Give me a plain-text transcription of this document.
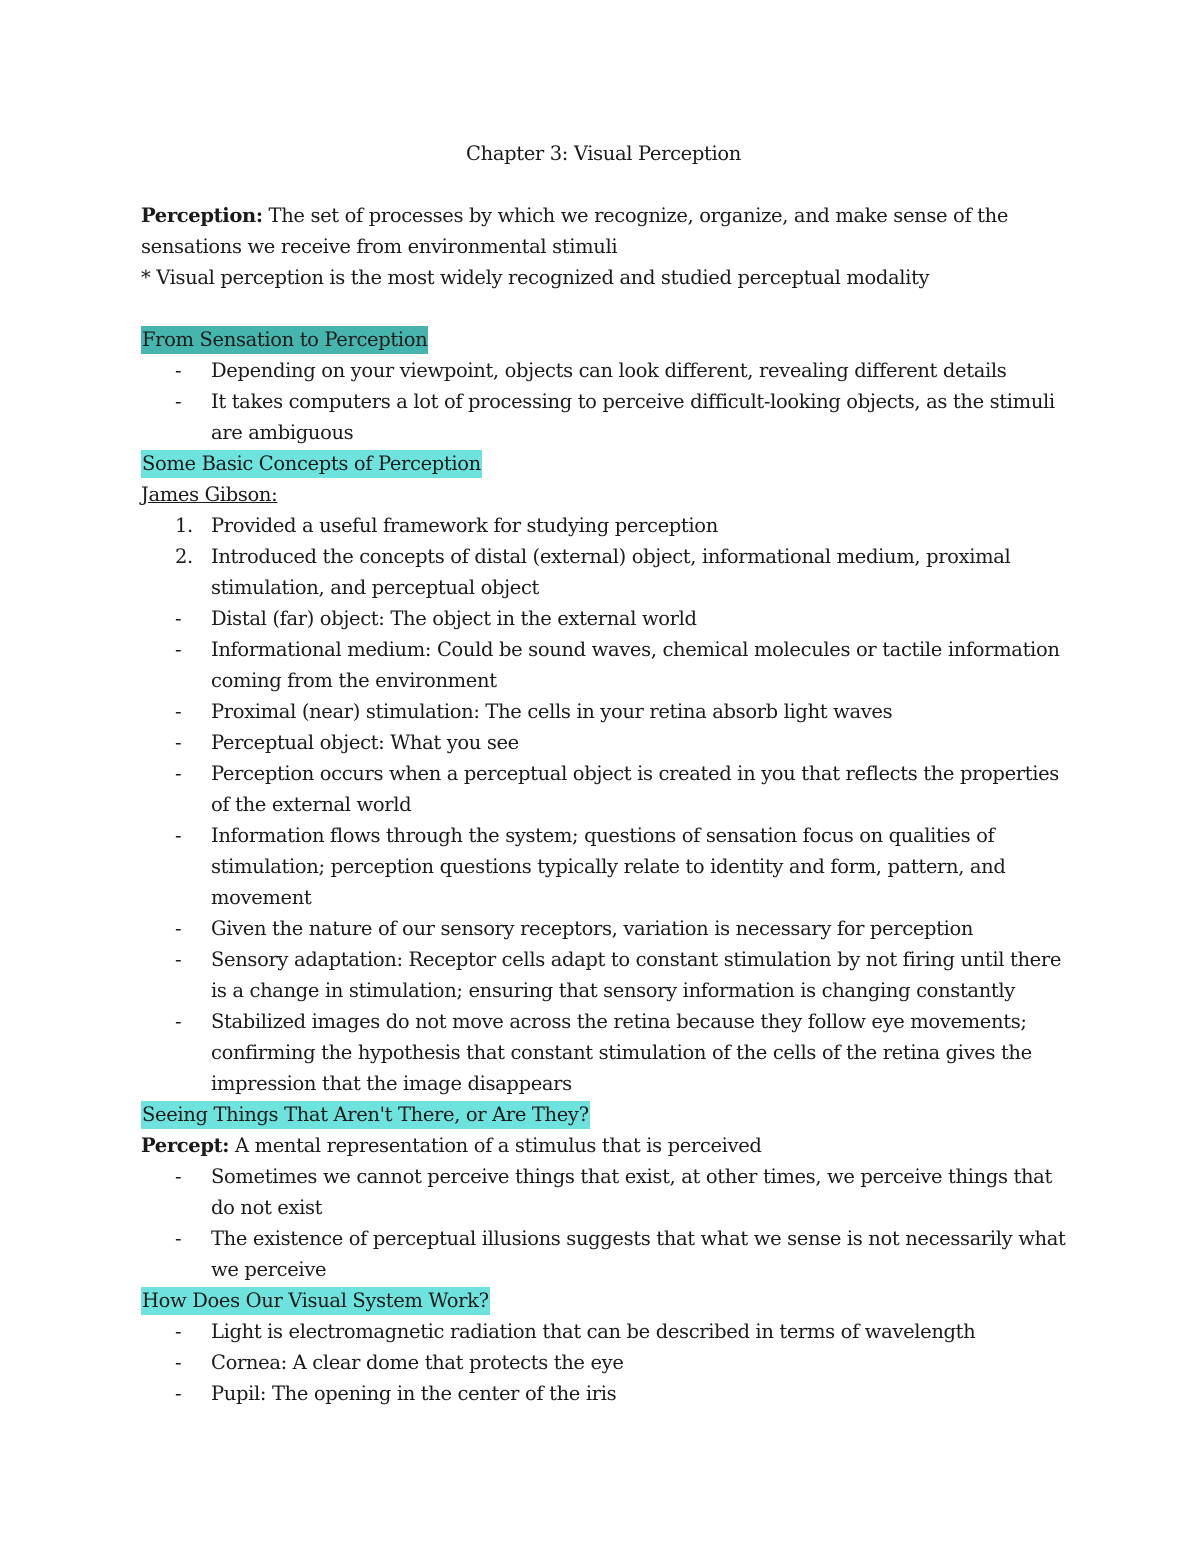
Chapter 3: Visual Perception

Perception: The set of processes by which we recognize, organize, and make sense of the sensations we receive from environmental stimuli

* Visual perception is the most widely recognized and studied perceptual modality

From Sensation to Perception

- Depending on your viewpoint, objects can look different, revealing different details
- It takes computers a lot of processing to perceive difficult-looking objects, as the stimuli are ambiguous

Some Basic Concepts of Perception

James Gibson:

1. Provided a useful framework for studying perception
2. Introduced the concepts of distal (external) object, informational medium, proximal stimulation, and perceptual object
- Distal (far) object: The object in the external world
- Informational medium: Could be sound waves, chemical molecules or tactile information coming from the environment
- Proximal (near) stimulation: The cells in your retina absorb light waves
- Perceptual object: What you see
- Perception occurs when a perceptual object is created in you that reflects the properties of the external world
- Information flows through the system; questions of sensation focus on qualities of stimulation; perception questions typically relate to identity and form, pattern, and movement
- Given the nature of our sensory receptors, variation is necessary for perception
- Sensory adaptation: Receptor cells adapt to constant stimulation by not firing until there is a change in stimulation; ensuring that sensory information is changing constantly
- Stabilized images do not move across the retina because they follow eye movements; confirming the hypothesis that constant stimulation of the cells of the retina gives the impression that the image disappears

Seeing Things That Aren't There, or Are They?

Percept: A mental representation of a stimulus that is perceived

- Sometimes we cannot perceive things that exist, at other times, we perceive things that do not exist
- The existence of perceptual illusions suggests that what we sense is not necessarily what we perceive

How Does Our Visual System Work?

- Light is electromagnetic radiation that can be described in terms of wavelength
- Cornea: A clear dome that protects the eye
- Pupil: The opening in the center of the iris
